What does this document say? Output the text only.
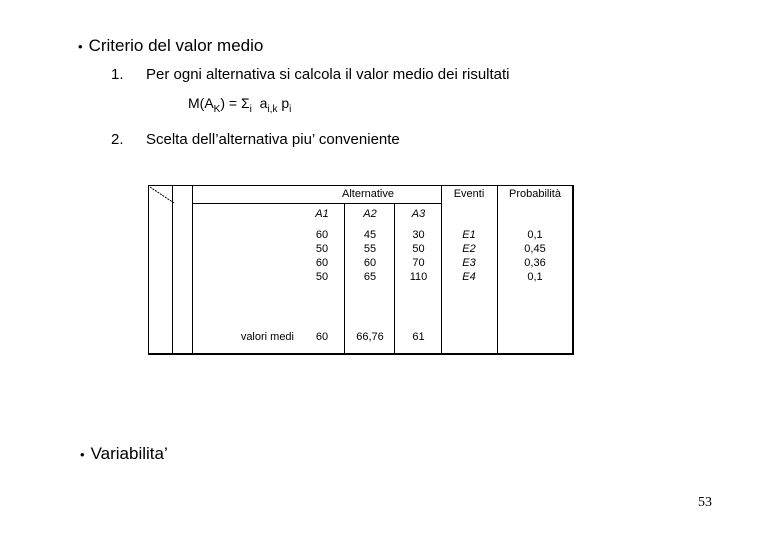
• Criterio del valor medio
1. Per ogni alternativa si calcola il valor medio dei risultati
$M(A_K) = \Sigma_i$ $a_{i,k}$ $p_i$
2. Scelta dell’alternativa piu’ conveniente
Alternative	Eventi	Probabilità
A1	A2	A3
60	45	30	E1	0,1
50	55	50	E2	0,45
60	60	70	E3	0,36
50	65	110	E4	0,1
valori medi	60	66,76	61
• Variabilita’
53
